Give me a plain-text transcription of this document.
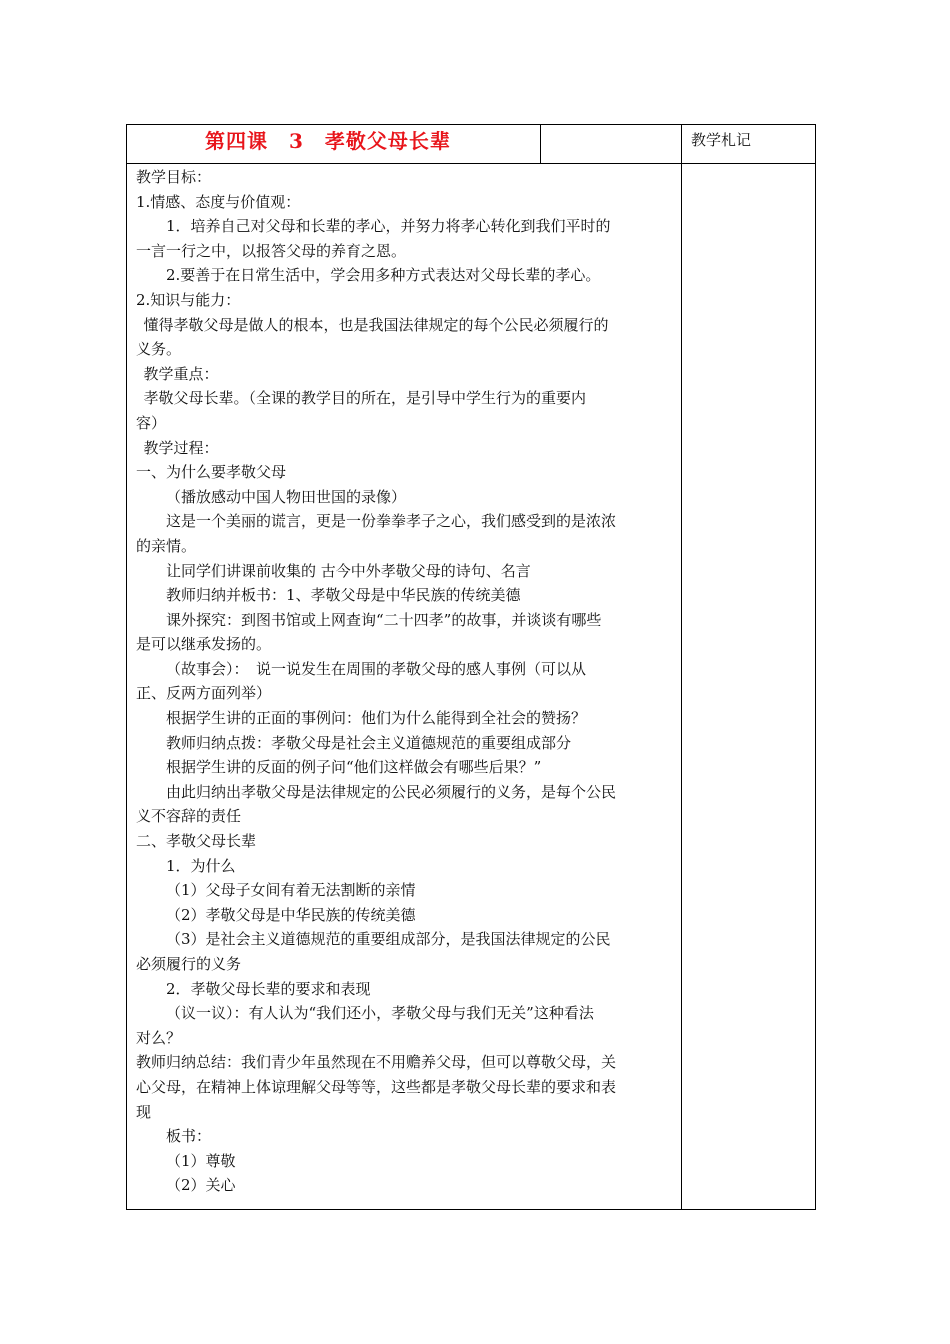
第四课　3　孝敬父母长辈	教学札记
教学目标：
1.情感、态度与价值观：
1．培养自己对父母和长辈的孝心，并努力将孝心转化到我们平时的
一言一行之中，以报答父母的养育之恩。
2.要善于在日常生活中，学会用多种方式表达对父母长辈的孝心。
2.知识与能力：
懂得孝敬父母是做人的根本，也是我国法律规定的每个公民必须履行的
义务。
教学重点：
孝敬父母长辈。（全课的教学目的所在，是引导中学生行为的重要内
容）
教学过程：
一、为什么要孝敬父母
（播放感动中国人物田世国的录像）
这是一个美丽的谎言，更是一份拳拳孝子之心，我们感受到的是浓浓
的亲情。
让同学们讲课前收集的 古今中外孝敬父母的诗句、名言
教师归纳并板书：1、孝敬父母是中华民族的传统美德
课外探究：到图书馆或上网查询“二十四孝”的故事，并谈谈有哪些
是可以继承发扬的。
（故事会）：　说一说发生在周围的孝敬父母的感人事例（可以从
正、反两方面列举）
根据学生讲的正面的事例问：他们为什么能得到全社会的赞扬？
教师归纳点拨：孝敬父母是社会主义道德规范的重要组成部分
根据学生讲的反面的例子问“他们这样做会有哪些后果？”
由此归纳出孝敬父母是法律规定的公民必须履行的义务，是每个公民
义不容辞的责任
二、孝敬父母长辈
1．为什么
（1）父母子女间有着无法割断的亲情
（2）孝敬父母是中华民族的传统美德
（3）是社会主义道德规范的重要组成部分，是我国法律规定的公民
必须履行的义务
2．孝敬父母长辈的要求和表现
（议一议）：有人认为“我们还小，孝敬父母与我们无关”这种看法
对么？
教师归纳总结：我们青少年虽然现在不用赡养父母，但可以尊敬父母，关
心父母，在精神上体谅理解父母等等，这些都是孝敬父母长辈的要求和表
现
板书：
（1）尊敬
（2）关心
